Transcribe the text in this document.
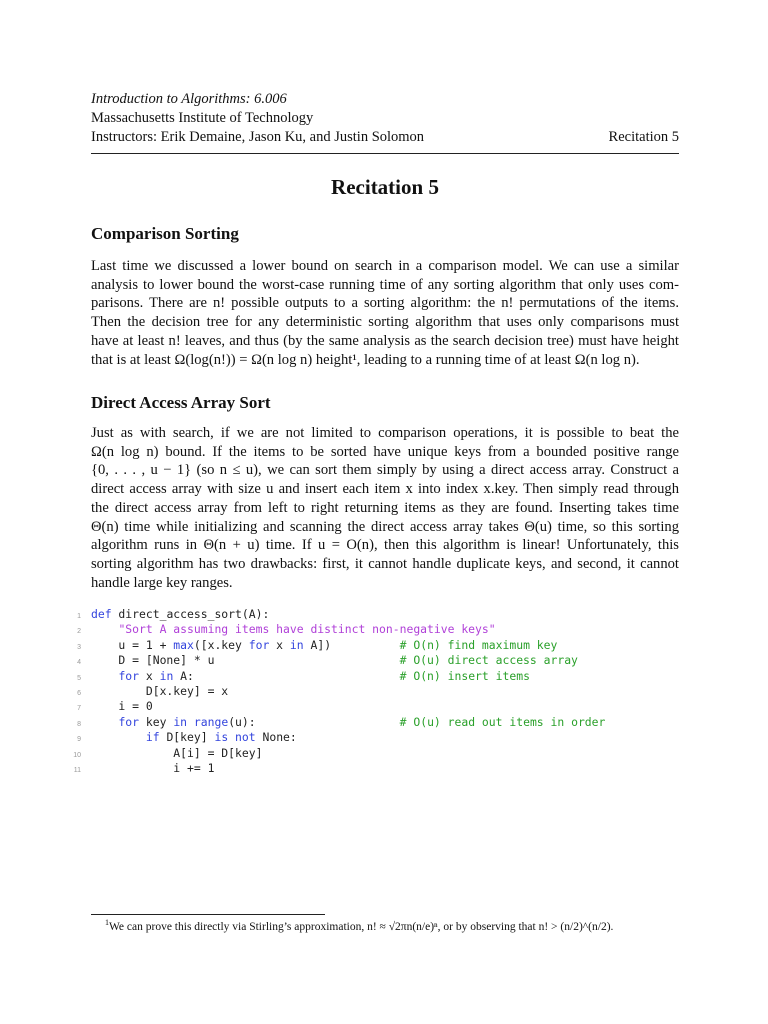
Introduction to Algorithms: 6.006
Massachusetts Institute of Technology
Instructors: Erik Demaine, Jason Ku, and Justin Solomon	Recitation 5
Recitation 5
Comparison Sorting
Last time we discussed a lower bound on search in a comparison model. We can use a similar
analysis to lower bound the worst-case running time of any sorting algorithm that only uses com-
parisons. There are n! possible outputs to a sorting algorithm: the n! permutations of the items.
Then the decision tree for any deterministic sorting algorithm that uses only comparisons must
have at least n! leaves, and thus (by the same analysis as the search decision tree) must have height
that is at least Ω(log(n!)) = Ω(n log n) height¹, leading to a running time of at least Ω(n log n).
Direct Access Array Sort
Just as with search, if we are not limited to comparison operations, it is possible to beat the
Ω(n log n) bound. If the items to be sorted have unique keys from a bounded positive range
{0, . . . , u − 1} (so n ≤ u), we can sort them simply by using a direct access array. Construct a
direct access array with size u and insert each item x into index x.key. Then simply read through
the direct access array from left to right returning items as they are found. Inserting takes time
Θ(n) time while initializing and scanning the direct access array takes Θ(u) time, so this sorting
algorithm runs in Θ(n + u) time. If u = O(n), then this algorithm is linear! Unfortunately, this
sorting algorithm has two drawbacks: first, it cannot handle duplicate keys, and second, it cannot
handle large key ranges.
1 def direct_access_sort(A):
2	"Sort A assuming items have distinct non-negative keys"
3 u = 1 + max([x.key for x in A])          # O(n) find maximum key
4 D = [None] * u                           # O(u) direct access array
5	for x in A:                              # O(n) insert items
6 D[x.key] = x
7 i = 0
8	for key in range(u):                     # O(u) read out items in order
9	if D[key] is not None:
10 A[i] = D[key]
11 i += 1
$^1$We can prove this directly via Stirling’s approximation, n! ≈ √2πn(n/e)ⁿ, or by observing that n! > (n/2)^(n/2).
